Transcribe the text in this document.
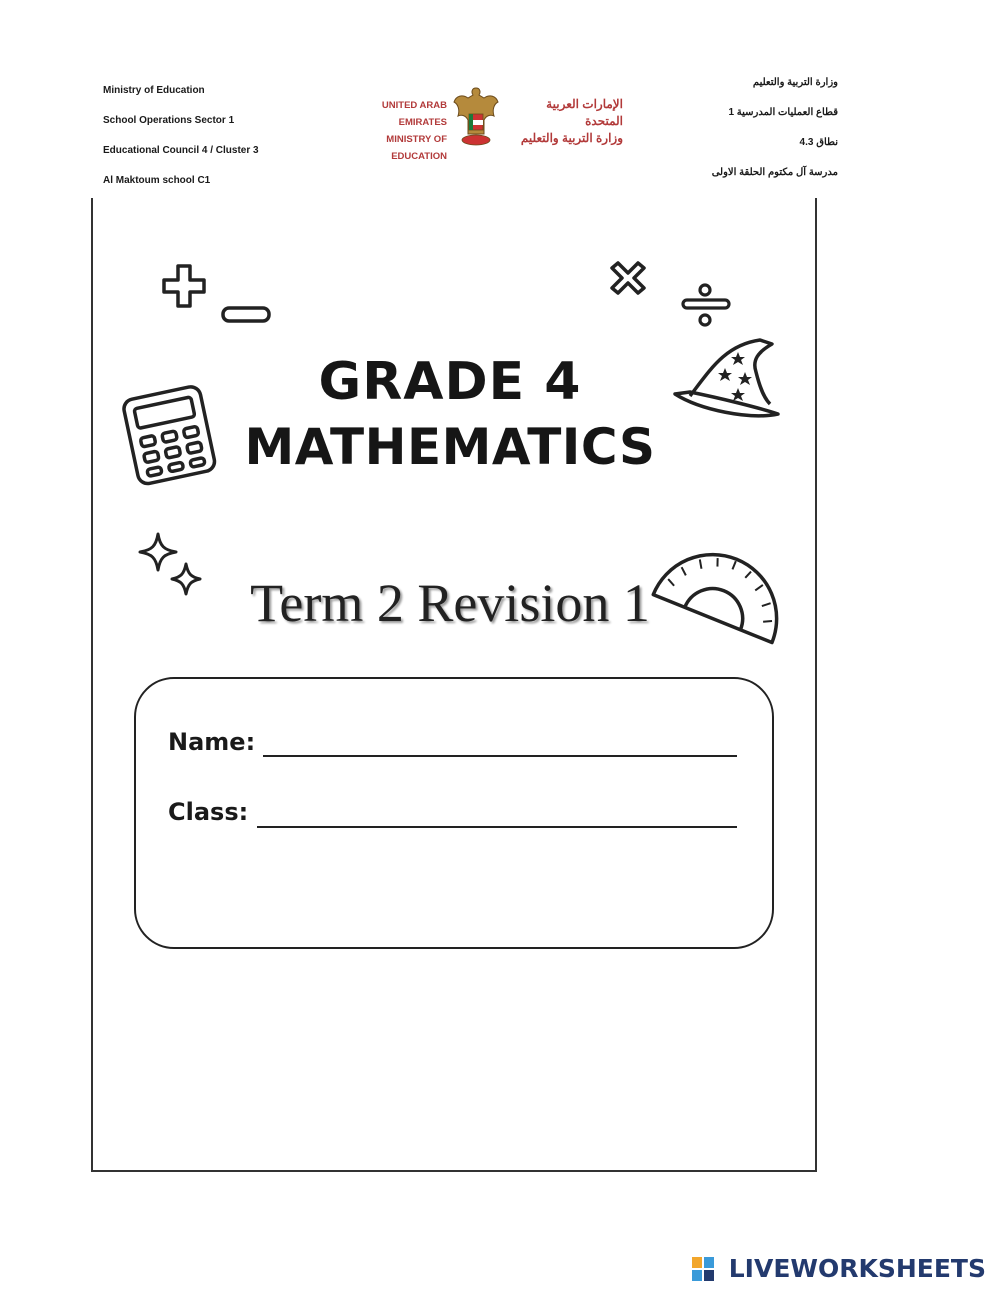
Ministry of Education
School Operations Sector 1
Educational Council 4 / Cluster 3
Al Maktoum school C1
UNITED ARAB EMIRATES
MINISTRY OF EDUCATION
الإمارات العربية المتحدة
وزارة التربية والتعليم
وزارة التربية والتعليم
قطاع العمليات المدرسية 1
نطاق 4.3
مدرسة آل مكتوم الحلقة الاولى
GRADE 4
MATHEMATICS
Term 2 Revision 1
Name:
Class:
LIVEWORKSHEETS
